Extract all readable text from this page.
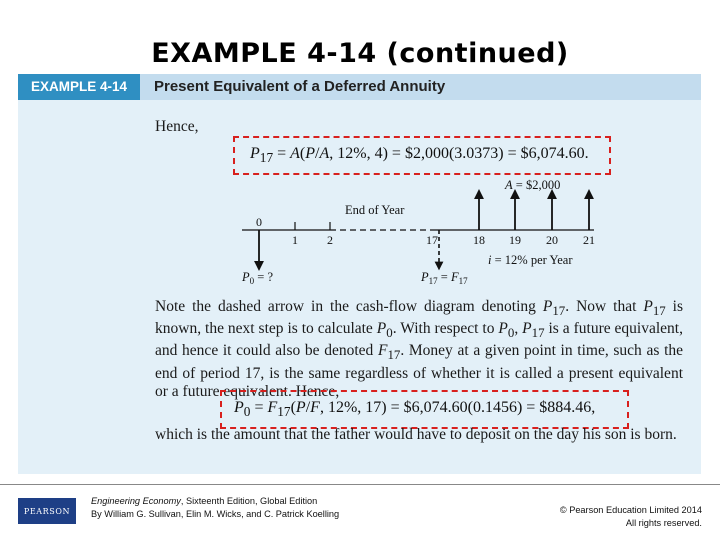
EXAMPLE 4-14 (continued)
EXAMPLE 4-14	Present Equivalent of a Deferred Annuity
Hence,
$P_{17} = A(P/A$, 12%, 4) = $2,000(3.0373) = $6,074.60.
A = $2,000
End of Year
0
1 2	17	18 19 20 21
i = 12% per Year
$P_0$ = ?	$P_{17} = F_{17}$
Note the dashed arrow in the cash-flow diagram denoting $P_{17}$. Now that $P_{17}$ is known, the next step is to calculate $P_0$. With respect to $P_0$, $P_{17}$ is a future equivalent, and hence it could also be denoted $F_{17}$. Money at a given point in time, such as the end of period 17, is the same regardless of whether it is called a present equivalent or a future equivalent. Hence,
$P_0 = F_{17}(P/F$, 12%, 17) = $6,074.60(0.1456) = $884.46,
which is the amount that the father would have to deposit on the day his son is born.
PEARSON
Engineering Economy, Sixteenth Edition, Global Edition
By William G. Sullivan, Elin M. Wicks, and C. Patrick Koelling	© Pearson Education Limited 2014
All rights reserved.
